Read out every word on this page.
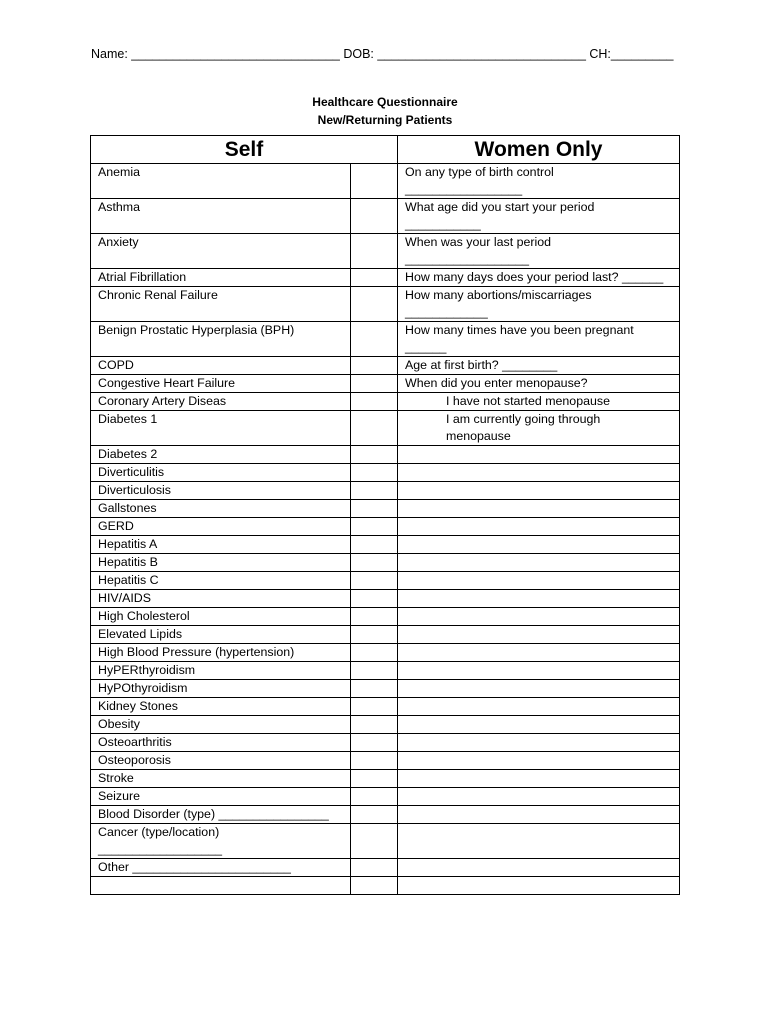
Name: ______________________________ DOB: ______________________________ CH:_________
Healthcare Questionnaire
New/Returning Patients
Self		Women Only
Anemia		On any type of birth control
_________________

Asthma		What age did you start your period
___________

Anxiety		When was your last period
__________________

Atrial Fibrillation		How many days does your period last? ______

Chronic Renal Failure		How many abortions/miscarriages
____________

Benign Prostatic Hyperplasia (BPH)		How many times have you been pregnant
______

COPD		Age at first birth? ________

Congestive Heart Failure		When did you enter menopause?

Coronary Artery Diseas		I have not started menopause

Diabetes 1		I am currently going through
menopause

Diabetes 2		

Diverticulitis		

Diverticulosis		

Gallstones		

GERD		

Hepatitis A		

Hepatitis B		

Hepatitis C		

HIV/AIDS		

High Cholesterol		

Elevated Lipids		

High Blood Pressure (hypertension)		

HyPERthyroidism		

HyPOthyroidism		

Kidney Stones		

Obesity		

Osteoarthritis		

Osteoporosis		

Stroke		

Seizure		

Blood Disorder (type) ________________		

Cancer (type/location)
__________________		

Other _______________________		
